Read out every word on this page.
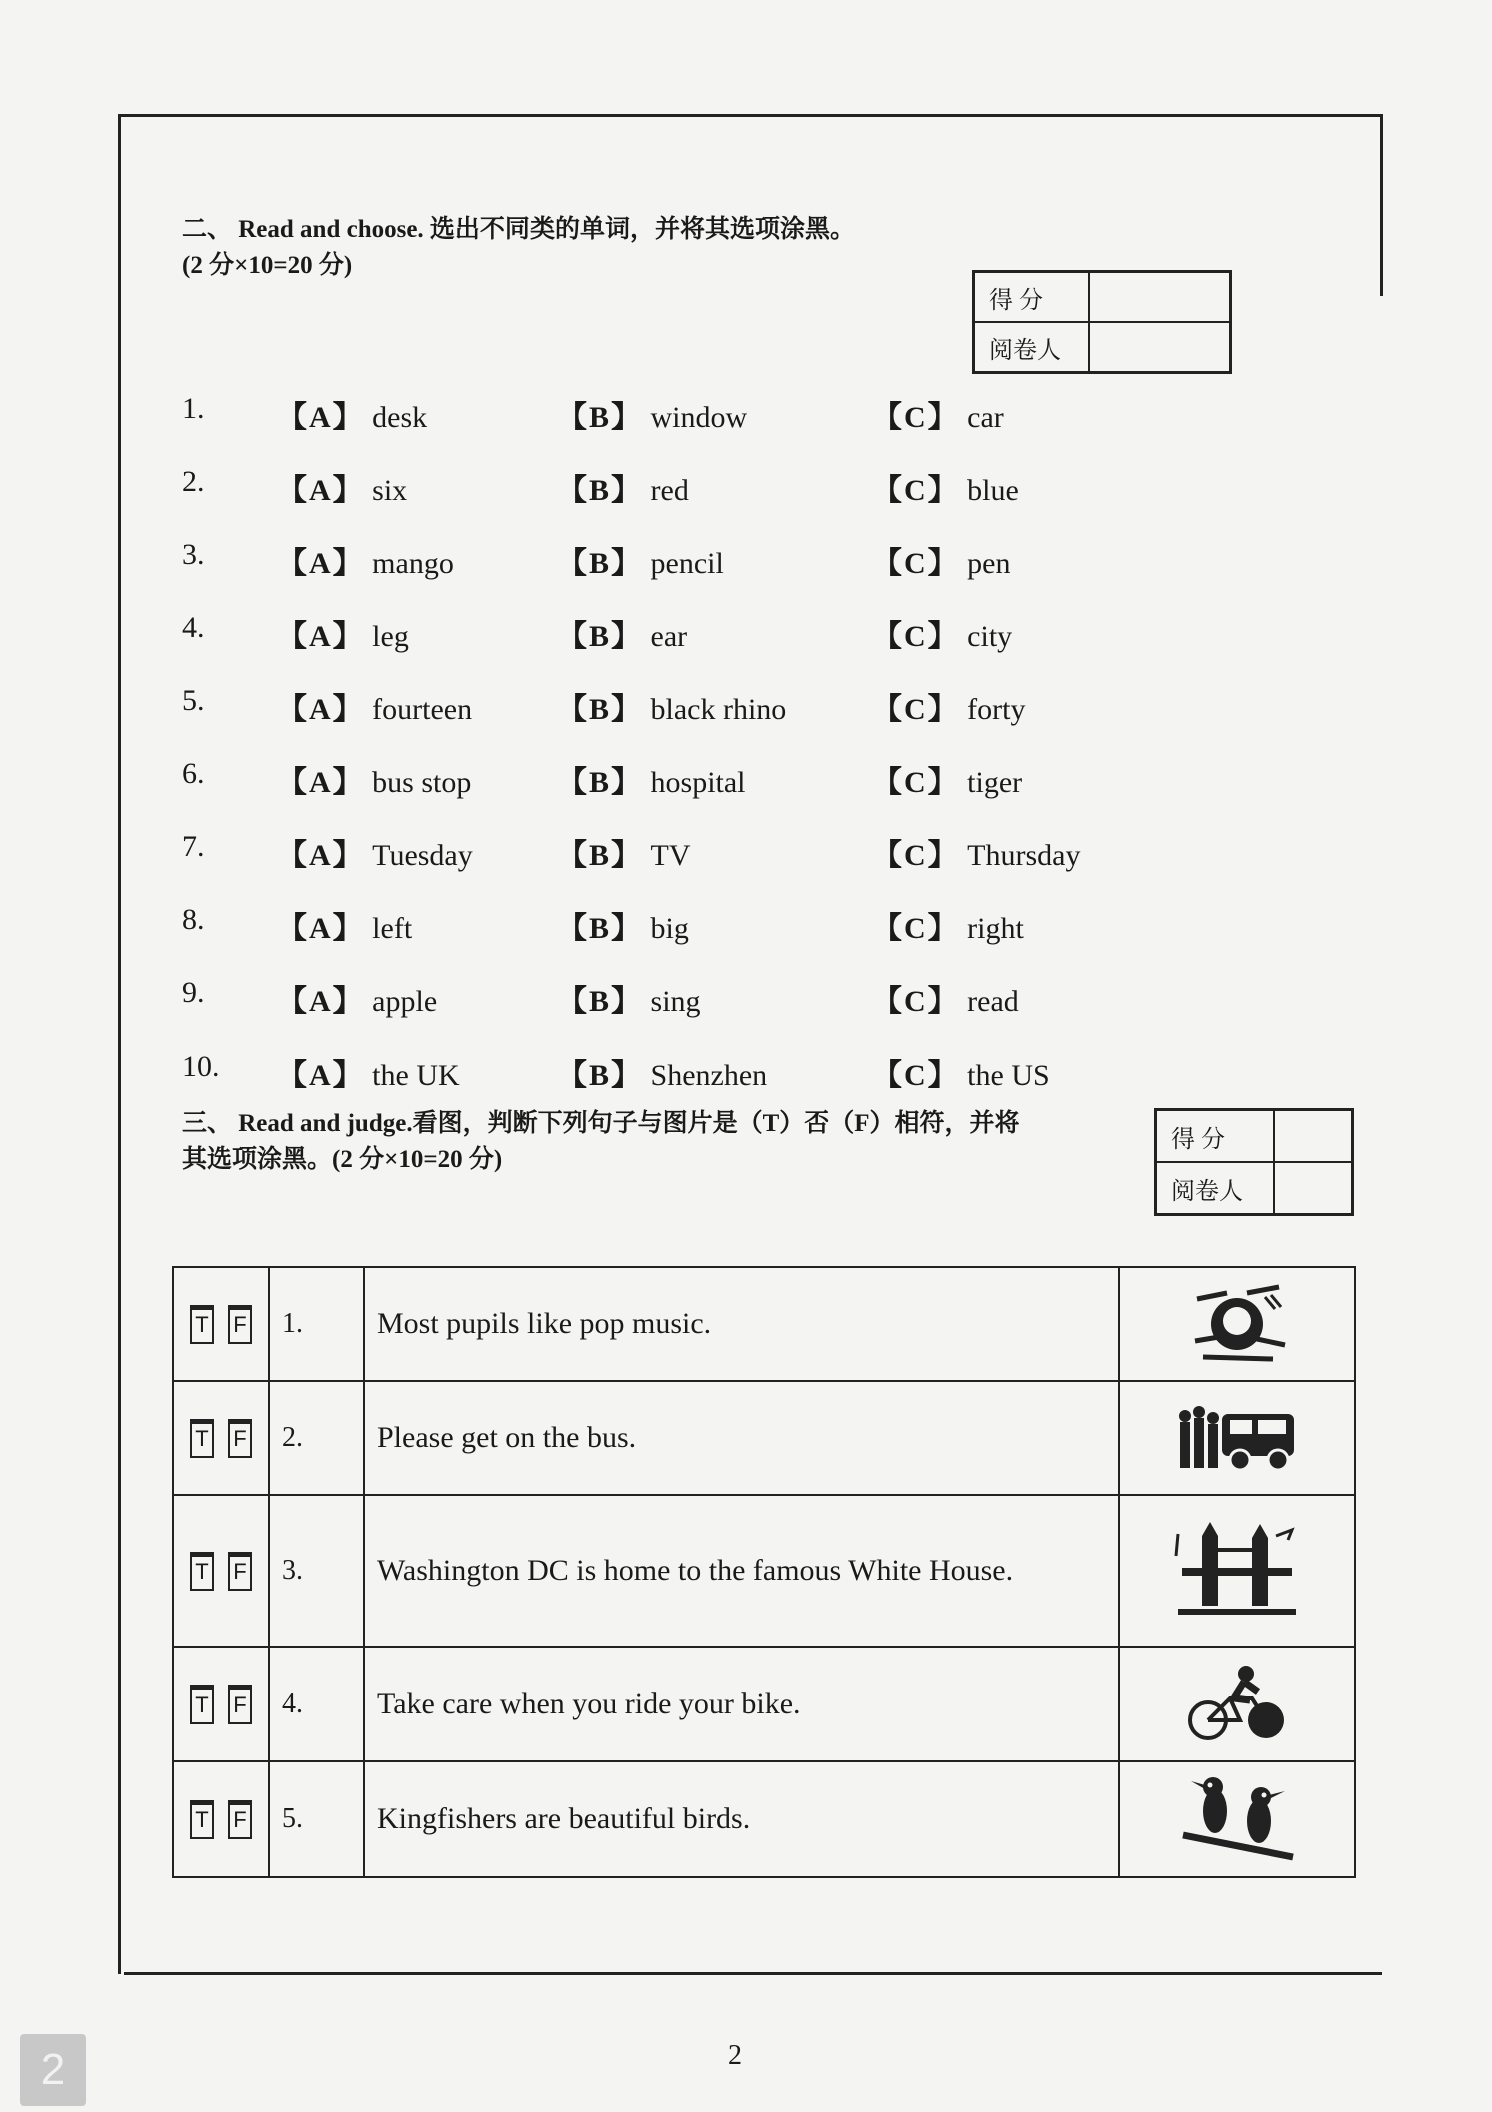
二、 Read and choose. 选出不同类的单词，并将其选项涂黑。
(2 分×10=20 分)
得 分
阅卷人
1. 【A】 desk	【B】 window	【C】 car
2. 【A】 six	【B】 red	【C】 blue
3. 【A】 mango	【B】 pencil	【C】 pen
4. 【A】 leg	【B】 ear	【C】 city
5. 【A】 fourteen	【B】 black rhino	【C】 forty
6. 【A】 bus stop	【B】 hospital	【C】 tiger
7. 【A】 Tuesday	【B】 TV	【C】 Thursday
8. 【A】 left	【B】 big	【C】 right
9. 【A】 apple	【B】 sing	【C】 read
10. 【A】 the UK	【B】 Shenzhen	【C】 the US
三、 Read and judge.看图，判断下列句子与图片是（T）否（F）相符，并将
其选项涂黑。(2 分×10=20 分)
得 分
阅卷人
T F	1.	Most pupils like pop music.	

T F	2.	Please get on the bus.	

T F	3.	Washington DC is home to the famous White House.	

T F	4.	Take care when you ride your bike.	

T F	5.	Kingfishers are beautiful birds.	
2
2
